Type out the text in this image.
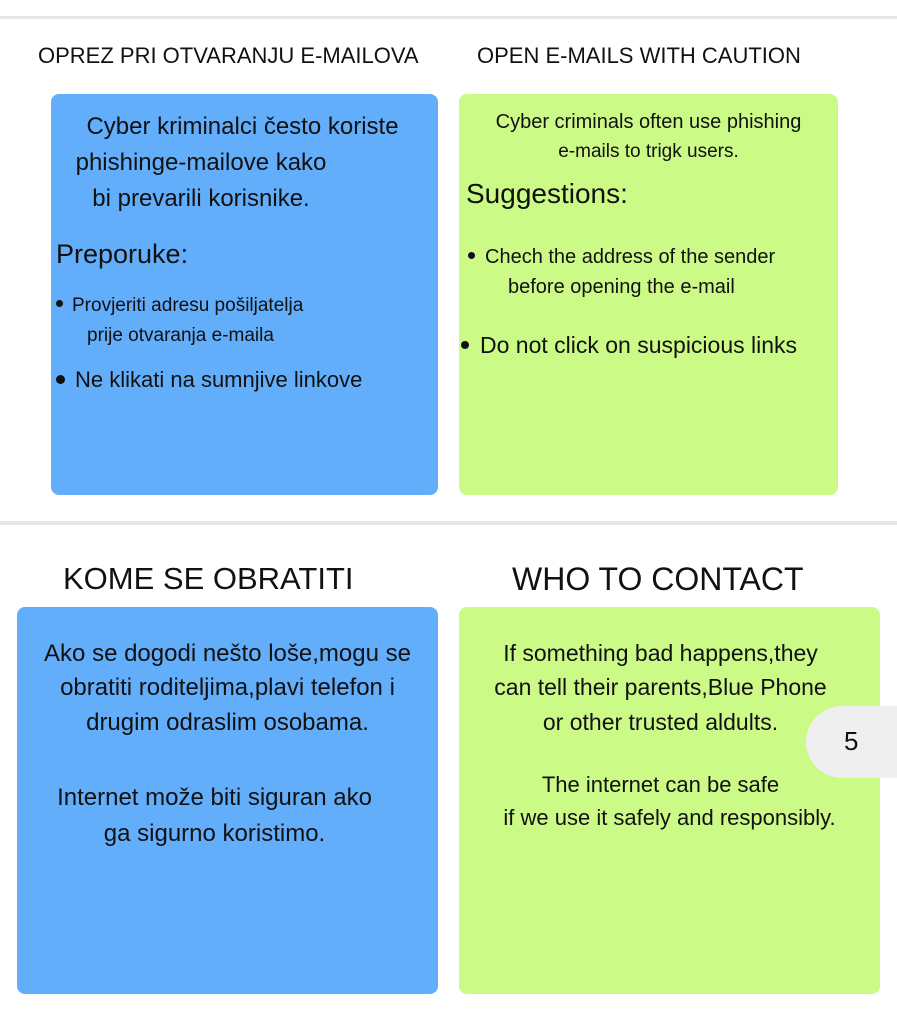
OPREZ PRI OTVARANJU E-MAILOVA	OPEN E-MAILS WITH CAUTION
Cyber kriminalci često koriste
phishinge-mailove kako
bi prevarili korisnike.
Preporuke:
Provjeriti adresu pošiljatelja
prije otvaranja e-maila
Ne klikati na sumnjive linkove
Cyber criminals often use phishing
e-mails to trigk users.
Suggestions:
Chech the address of the sender
before opening the e-mail
Do not click on suspicious links
KOME SE OBRATITI	WHO TO CONTACT
Ako se dogodi nešto loše,mogu se
obratiti roditeljima,plavi telefon i
drugim odraslim osobama.
Internet može biti siguran ako
ga sigurno koristimo.
If something bad happens,they
can tell their parents,Blue Phone
or other trusted aldults.
The internet can be safe
if we use it safely and responsibly.
5
